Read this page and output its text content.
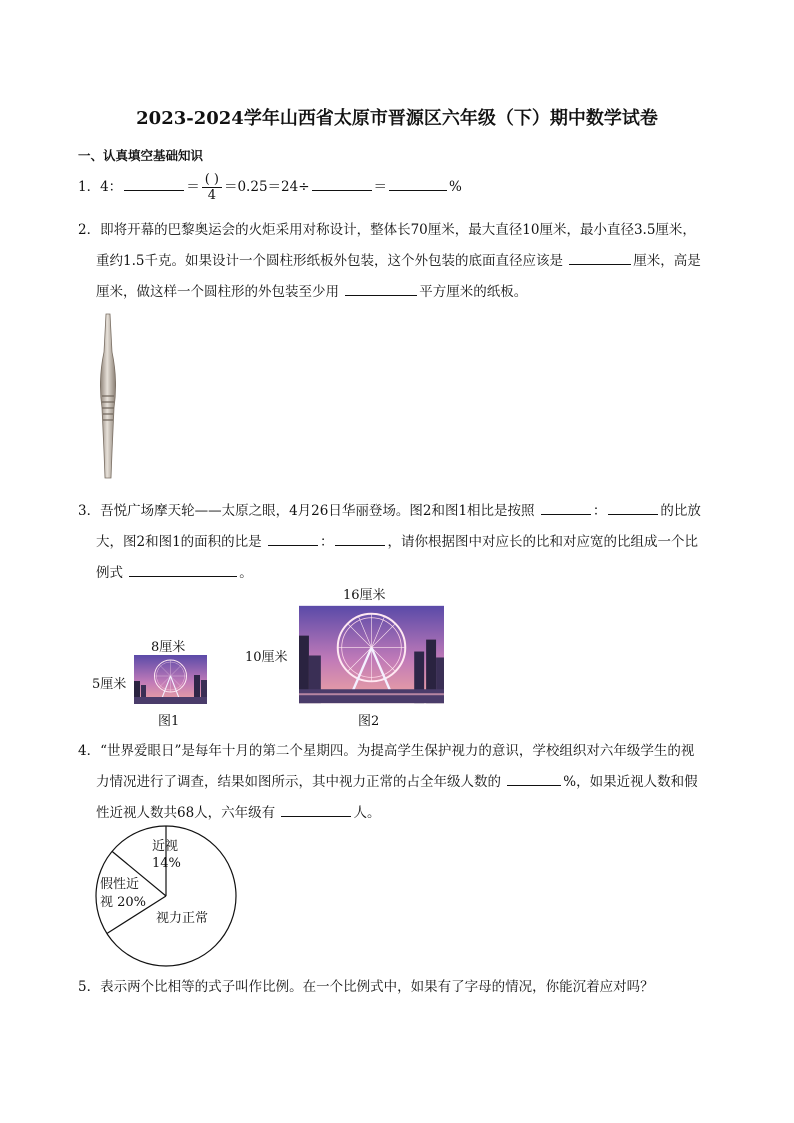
2023-2024学年山西省太原市晋源区六年级（下）期中数学试卷
一、认真填空基础知识
1．4：	＝ $\frac{( )}{4} =0.25=24\div$	＝	%
2．即将开幕的巴黎奥运会的火炬采用对称设计，整体长70厘米，最大直径10厘米，最小直径3.5厘米，
重约1.5千克。如果设计一个圆柱形纸板外包装，这个外包装的底面直径应该是	厘米，高是
厘米，做这样一个圆柱形的外包装至少用	平方厘米的纸板。
3．吾悦广场摩天轮——太原之眼，4月26日华丽登场。图2和图1相比是按照	：	的比放
大，图2和图1的面积的比是	：	，请你根据图中对应长的比和对应宽的比组成一个比
例式	。
8厘米
5厘米
图1
16厘米
10厘米
图2
4．“世界爱眼日”是每年十月的第二个星期四。为提高学生保护视力的意识，学校组织对六年级学生的视
力情况进行了调查，结果如图所示，其中视力正常的占全年级人数的	%，如果近视人数和假
性近视人数共68人，六年级有	人。
近视
14%
假性近
视 20%
视力正常
5．表示两个比相等的式子叫作比例。在一个比例式中，如果有了字母的情况，你能沉着应对吗？
